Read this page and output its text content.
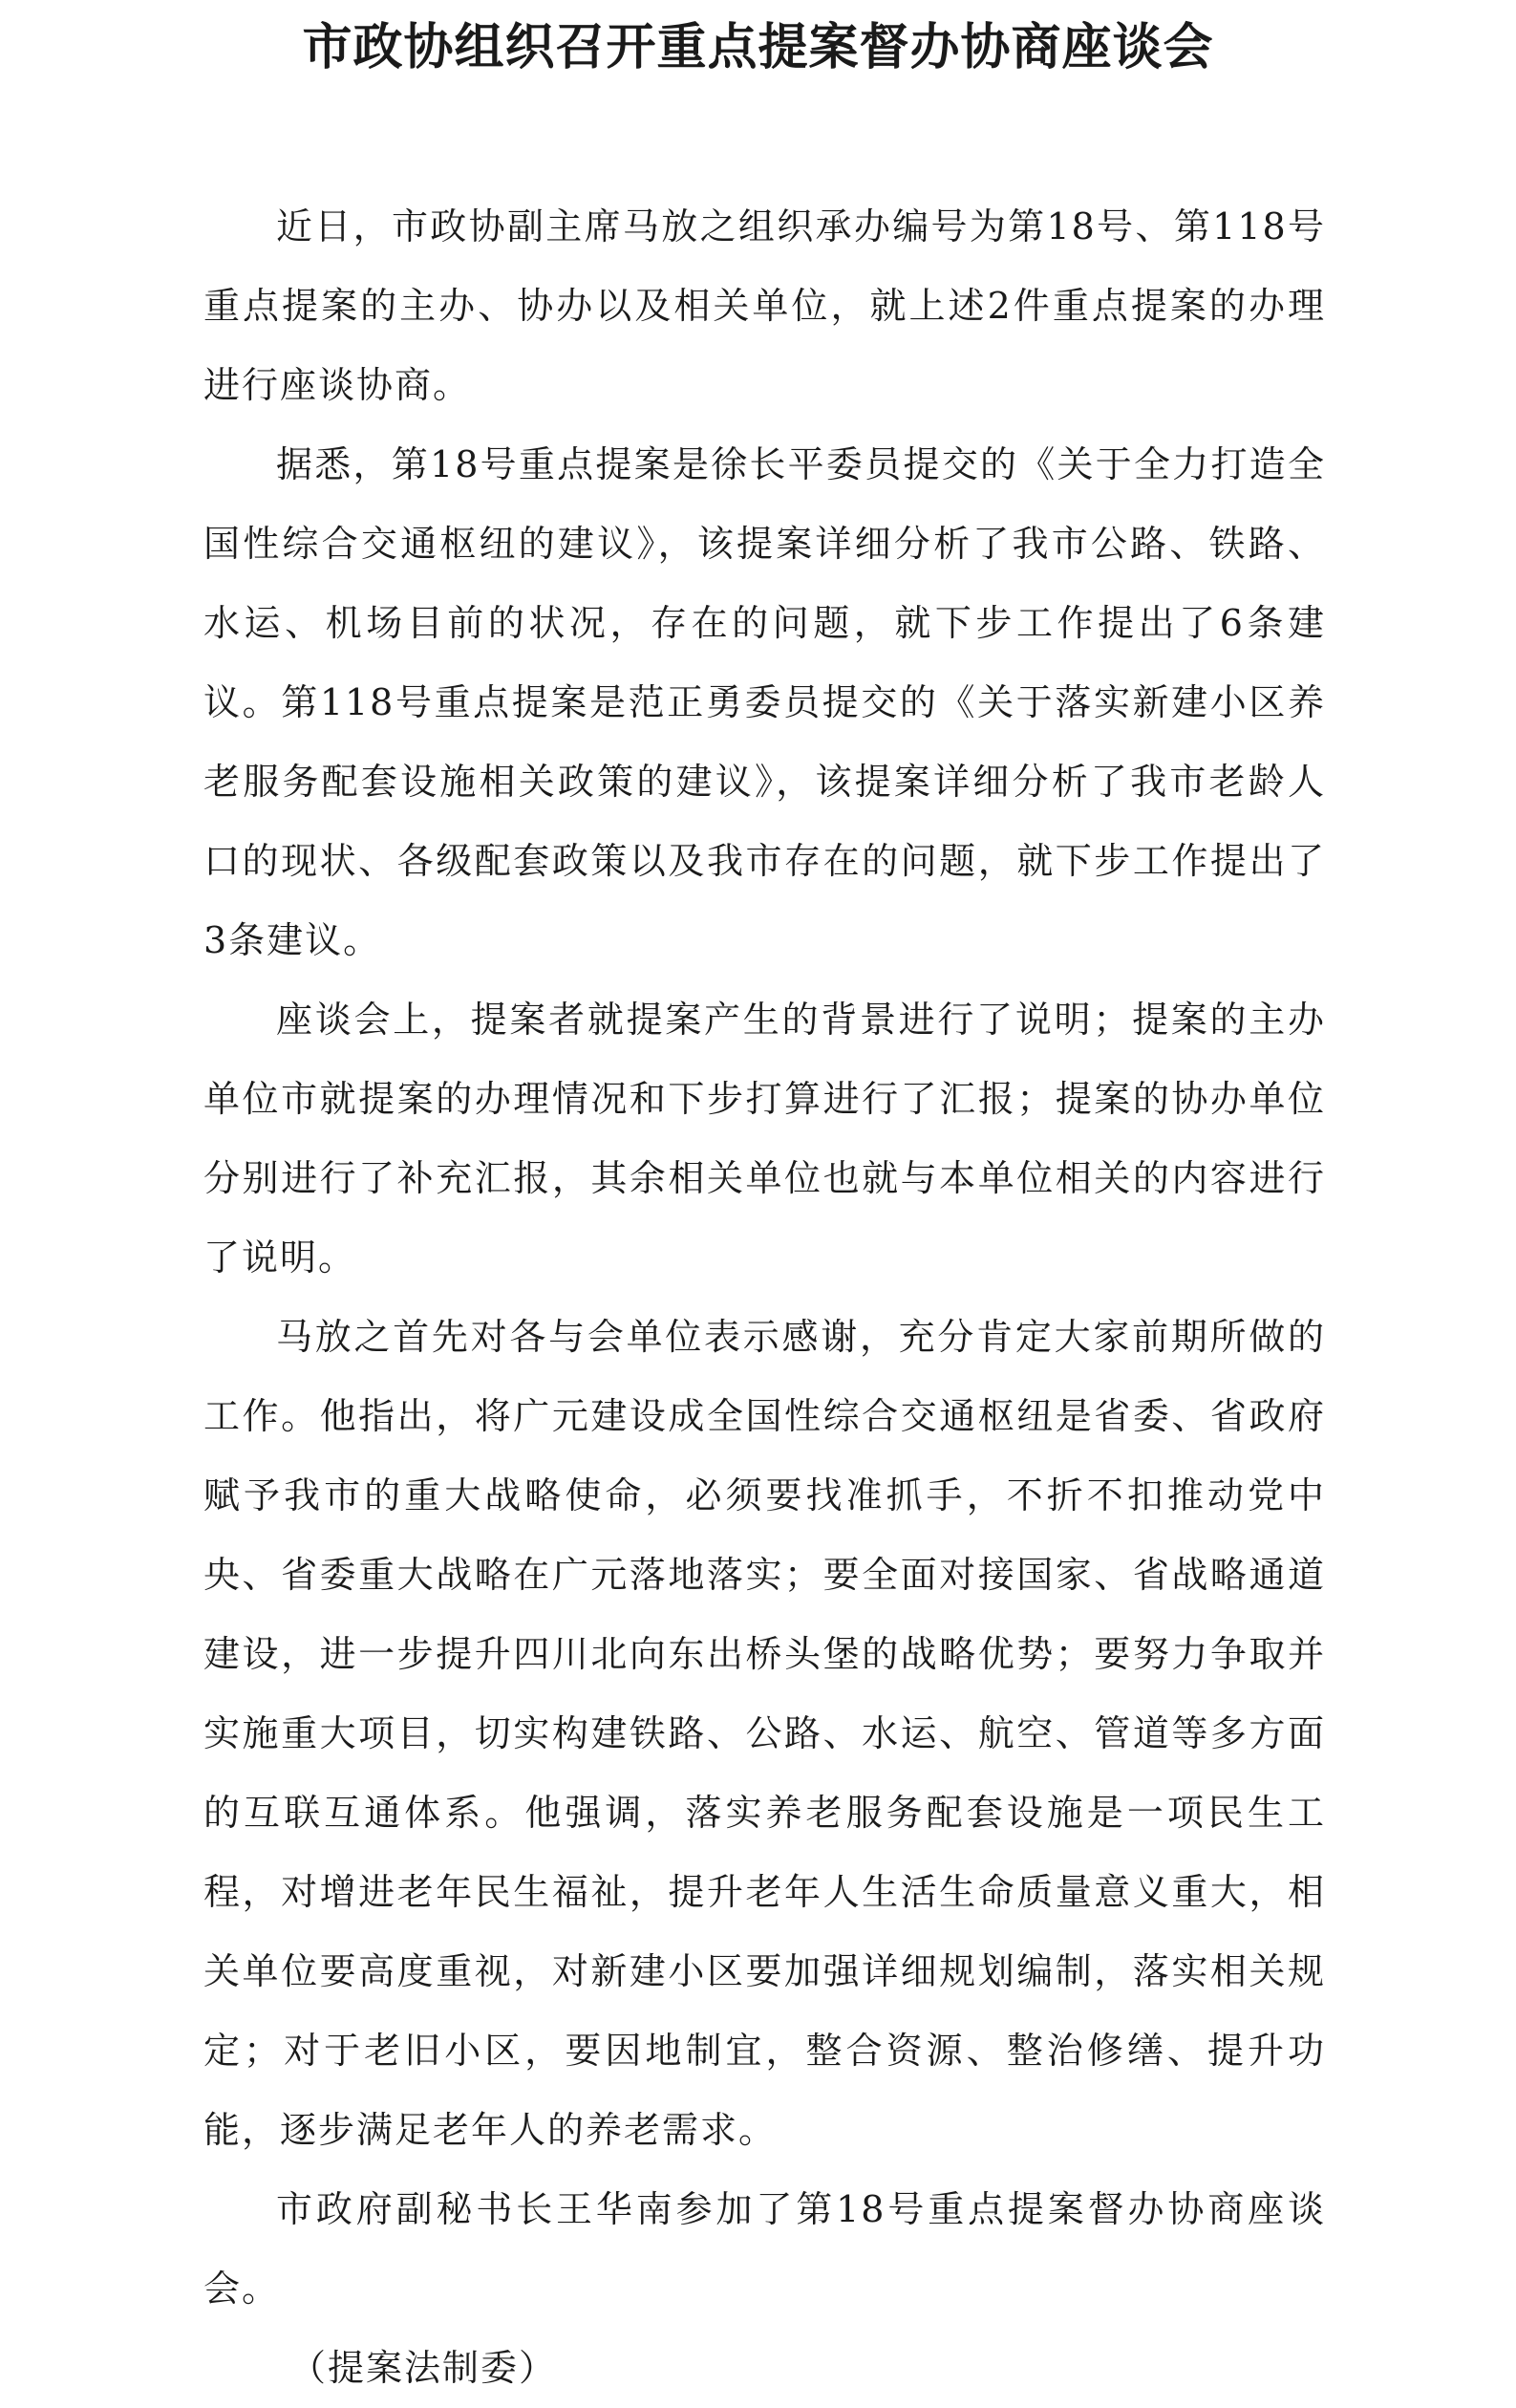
市政协组织召开重点提案督办协商座谈会

近日，市政协副主席马放之组织承办编号为第18号、第118号重点提案的主办、协办以及相关单位，就上述2件重点提案的办理进行座谈协商。

据悉，第18号重点提案是徐长平委员提交的《关于全力打造全国性综合交通枢纽的建议》，该提案详细分析了我市公路、铁路、水运、机场目前的状况，存在的问题，就下步工作提出了6条建议。第118号重点提案是范正勇委员提交的《关于落实新建小区养老服务配套设施相关政策的建议》，该提案详细分析了我市老龄人口的现状、各级配套政策以及我市存在的问题，就下步工作提出了3条建议。

座谈会上，提案者就提案产生的背景进行了说明；提案的主办单位市就提案的办理情况和下步打算进行了汇报；提案的协办单位分别进行了补充汇报，其余相关单位也就与本单位相关的内容进行了说明。

马放之首先对各与会单位表示感谢，充分肯定大家前期所做的工作。他指出，将广元建设成全国性综合交通枢纽是省委、省政府赋予我市的重大战略使命，必须要找准抓手，不折不扣推动党中央、省委重大战略在广元落地落实；要全面对接国家、省战略通道建设，进一步提升四川北向东出桥头堡的战略优势；要努力争取并实施重大项目，切实构建铁路、公路、水运、航空、管道等多方面的互联互通体系。他强调，落实养老服务配套设施是一项民生工程，对增进老年民生福祉，提升老年人生活生命质量意义重大，相关单位要高度重视，对新建小区要加强详细规划编制，落实相关规定；对于老旧小区，要因地制宜，整合资源、整治修缮、提升功能，逐步满足老年人的养老需求。

市政府副秘书长王华南参加了第18号重点提案督办协商座谈会。

（提案法制委）
